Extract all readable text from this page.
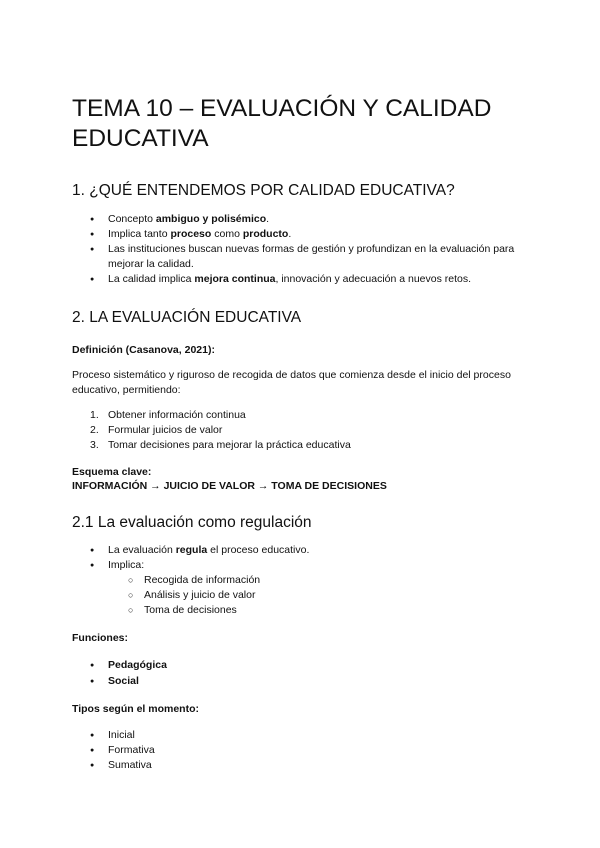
TEMA 10 – EVALUACIÓN Y CALIDAD EDUCATIVA
1. ¿QUÉ ENTENDEMOS POR CALIDAD EDUCATIVA?
● Concepto ambiguo y polisémico.
● Implica tanto proceso como producto.
● Las instituciones buscan nuevas formas de gestión y profundizan en la evaluación para mejorar la calidad.
● La calidad implica mejora continua, innovación y adecuación a nuevos retos.
2. LA EVALUACIÓN EDUCATIVA

Definición (Casanova, 2021):

Proceso sistemático y riguroso de recogida de datos que comienza desde el inicio del proceso educativo, permitiendo:

1. Obtener información continua
2. Formular juicios de valor
3. Tomar decisiones para mejorar la práctica educativa

Esquema clave:

INFORMACIÓN → JUICIO DE VALOR → TOMA DE DECISIONES

2.1 La evaluación como regulación
● La evaluación regula el proceso educativo.
● Implica:
○ Recogida de información
○ Análisis y juicio de valor
○ Toma de decisiones

Funciones:

● Pedagógica
● Social

Tipos según el momento:

● Inicial
● Formativa
● Sumativa
